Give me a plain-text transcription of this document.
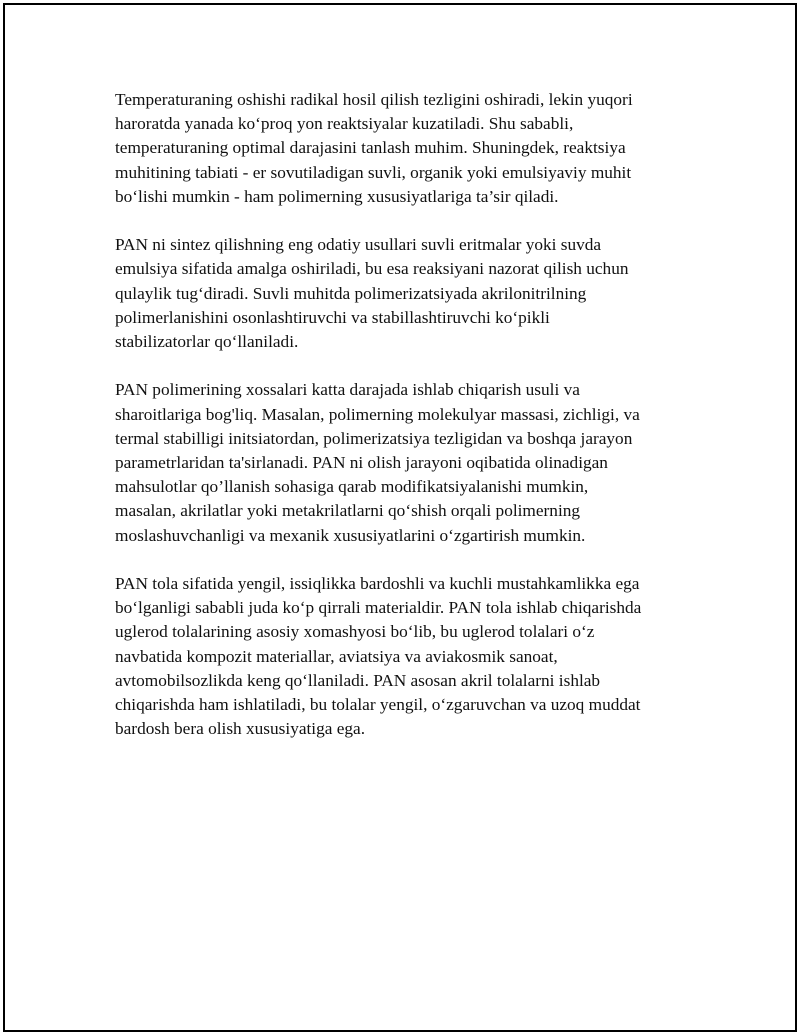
Temperaturaning oshishi radikal hosil qilish tezligini oshiradi, lekin yuqori
haroratda yanada ko‘proq yon reaktsiyalar kuzatiladi. Shu sababli,
temperaturaning optimal darajasini tanlash muhim. Shuningdek, reaktsiya
muhitining tabiati - er sovutiladigan suvli, organik yoki emulsiyaviy muhit
bo‘lishi mumkin - ham polimerning xususiyatlariga ta’sir qiladi.

PAN ni sintez qilishning eng odatiy usullari suvli eritmalar yoki suvda
emulsiya sifatida amalga oshiriladi, bu esa reaksiyani nazorat qilish uchun
qulaylik tug‘diradi. Suvli muhitda polimerizatsiyada akrilonitrilning
polimerlanishini osonlashtiruvchi va stabillashtiruvchi ko‘pikli
stabilizatorlar qo‘llaniladi.

PAN polimerining xossalari katta darajada ishlab chiqarish usuli va
sharoitlariga bog'liq. Masalan, polimerning molekulyar massasi, zichligi, va
termal stabilligi initsiatordan, polimerizatsiya tezligidan va boshqa jarayon
parametrlaridan ta'sirlanadi. PAN ni olish jarayoni oqibatida olinadigan
mahsulotlar qo’llanish sohasiga qarab modifikatsiyalanishi mumkin,
masalan, akrilatlar yoki metakrilatlarni qo‘shish orqali polimerning
moslashuvchanligi va mexanik xususiyatlarini o‘zgartirish mumkin.

PAN tola sifatida yengil, issiqlikka bardoshli va kuchli mustahkamlikka ega
bo‘lganligi sababli juda ko‘p qirrali materialdir. PAN tola ishlab chiqarishda
uglerod tolalarining asosiy xomashyosi bo‘lib, bu uglerod tolalari o‘z
navbatida kompozit materiallar, aviatsiya va aviakosmik sanoat,
avtomobilsozlikda keng qo‘llaniladi. PAN asosan akril tolalarni ishlab
chiqarishda ham ishlatiladi, bu tolalar yengil, o‘zgaruvchan va uzoq muddat
bardosh bera olish xususiyatiga ega.
